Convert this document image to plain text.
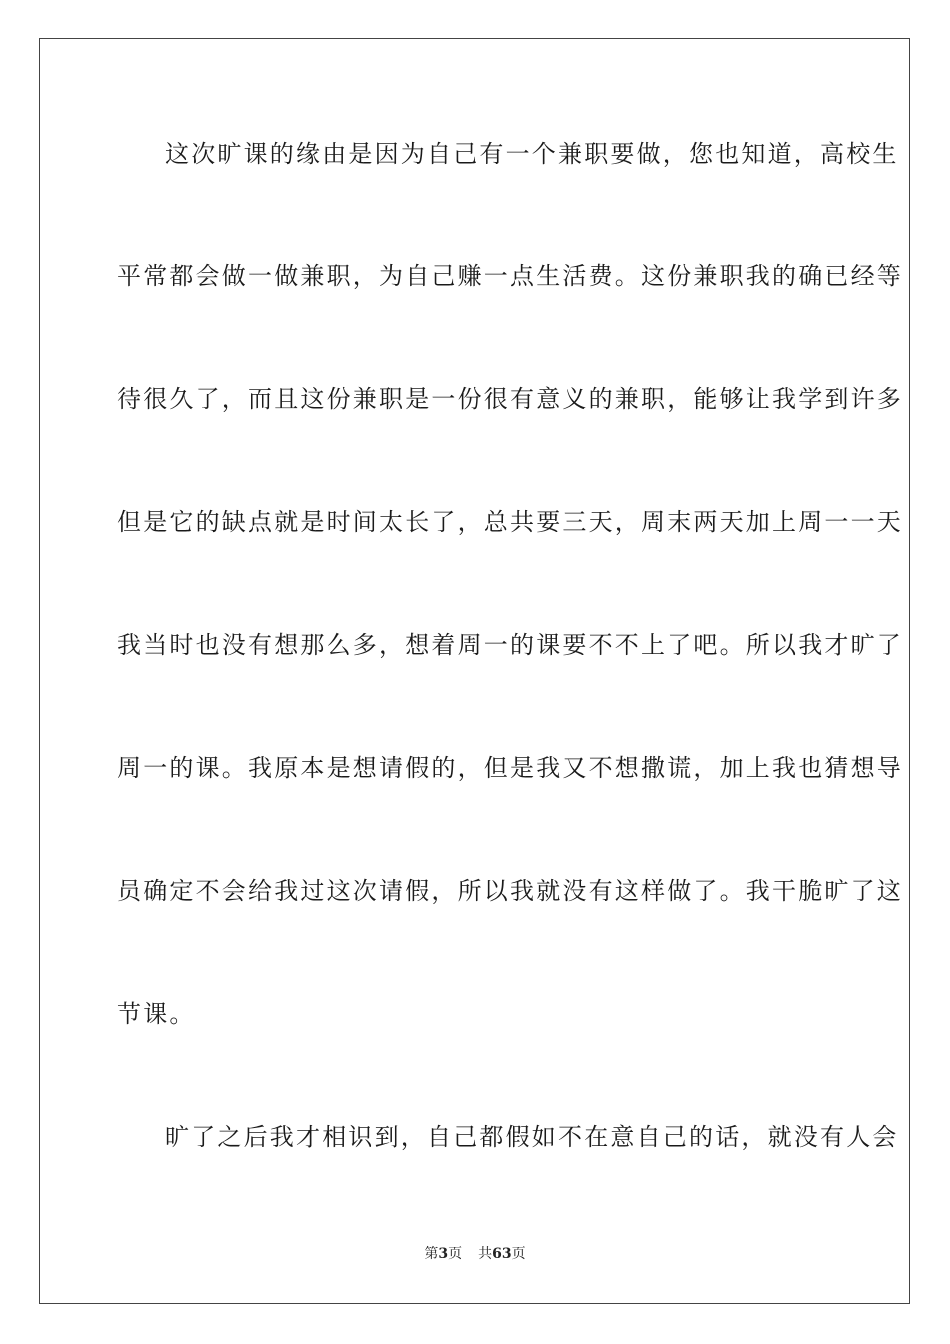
这次旷课的缘由是因为自己有一个兼职要做，您也知道，高校生
平常都会做一做兼职，为自己赚一点生活费。这份兼职我的确已经等
待很久了，而且这份兼职是一份很有意义的兼职，能够让我学到许多
但是它的缺点就是时间太长了，总共要三天，周末两天加上周一一天
我当时也没有想那么多，想着周一的课要不不上了吧。所以我才旷了
周一的课。我原本是想请假的，但是我又不想撒谎，加上我也猜想导
员确定不会给我过这次请假，所以我就没有这样做了。我干脆旷了这
节课。
旷了之后我才相识到，自己都假如不在意自己的话，就没有人会
第3页 共63页
